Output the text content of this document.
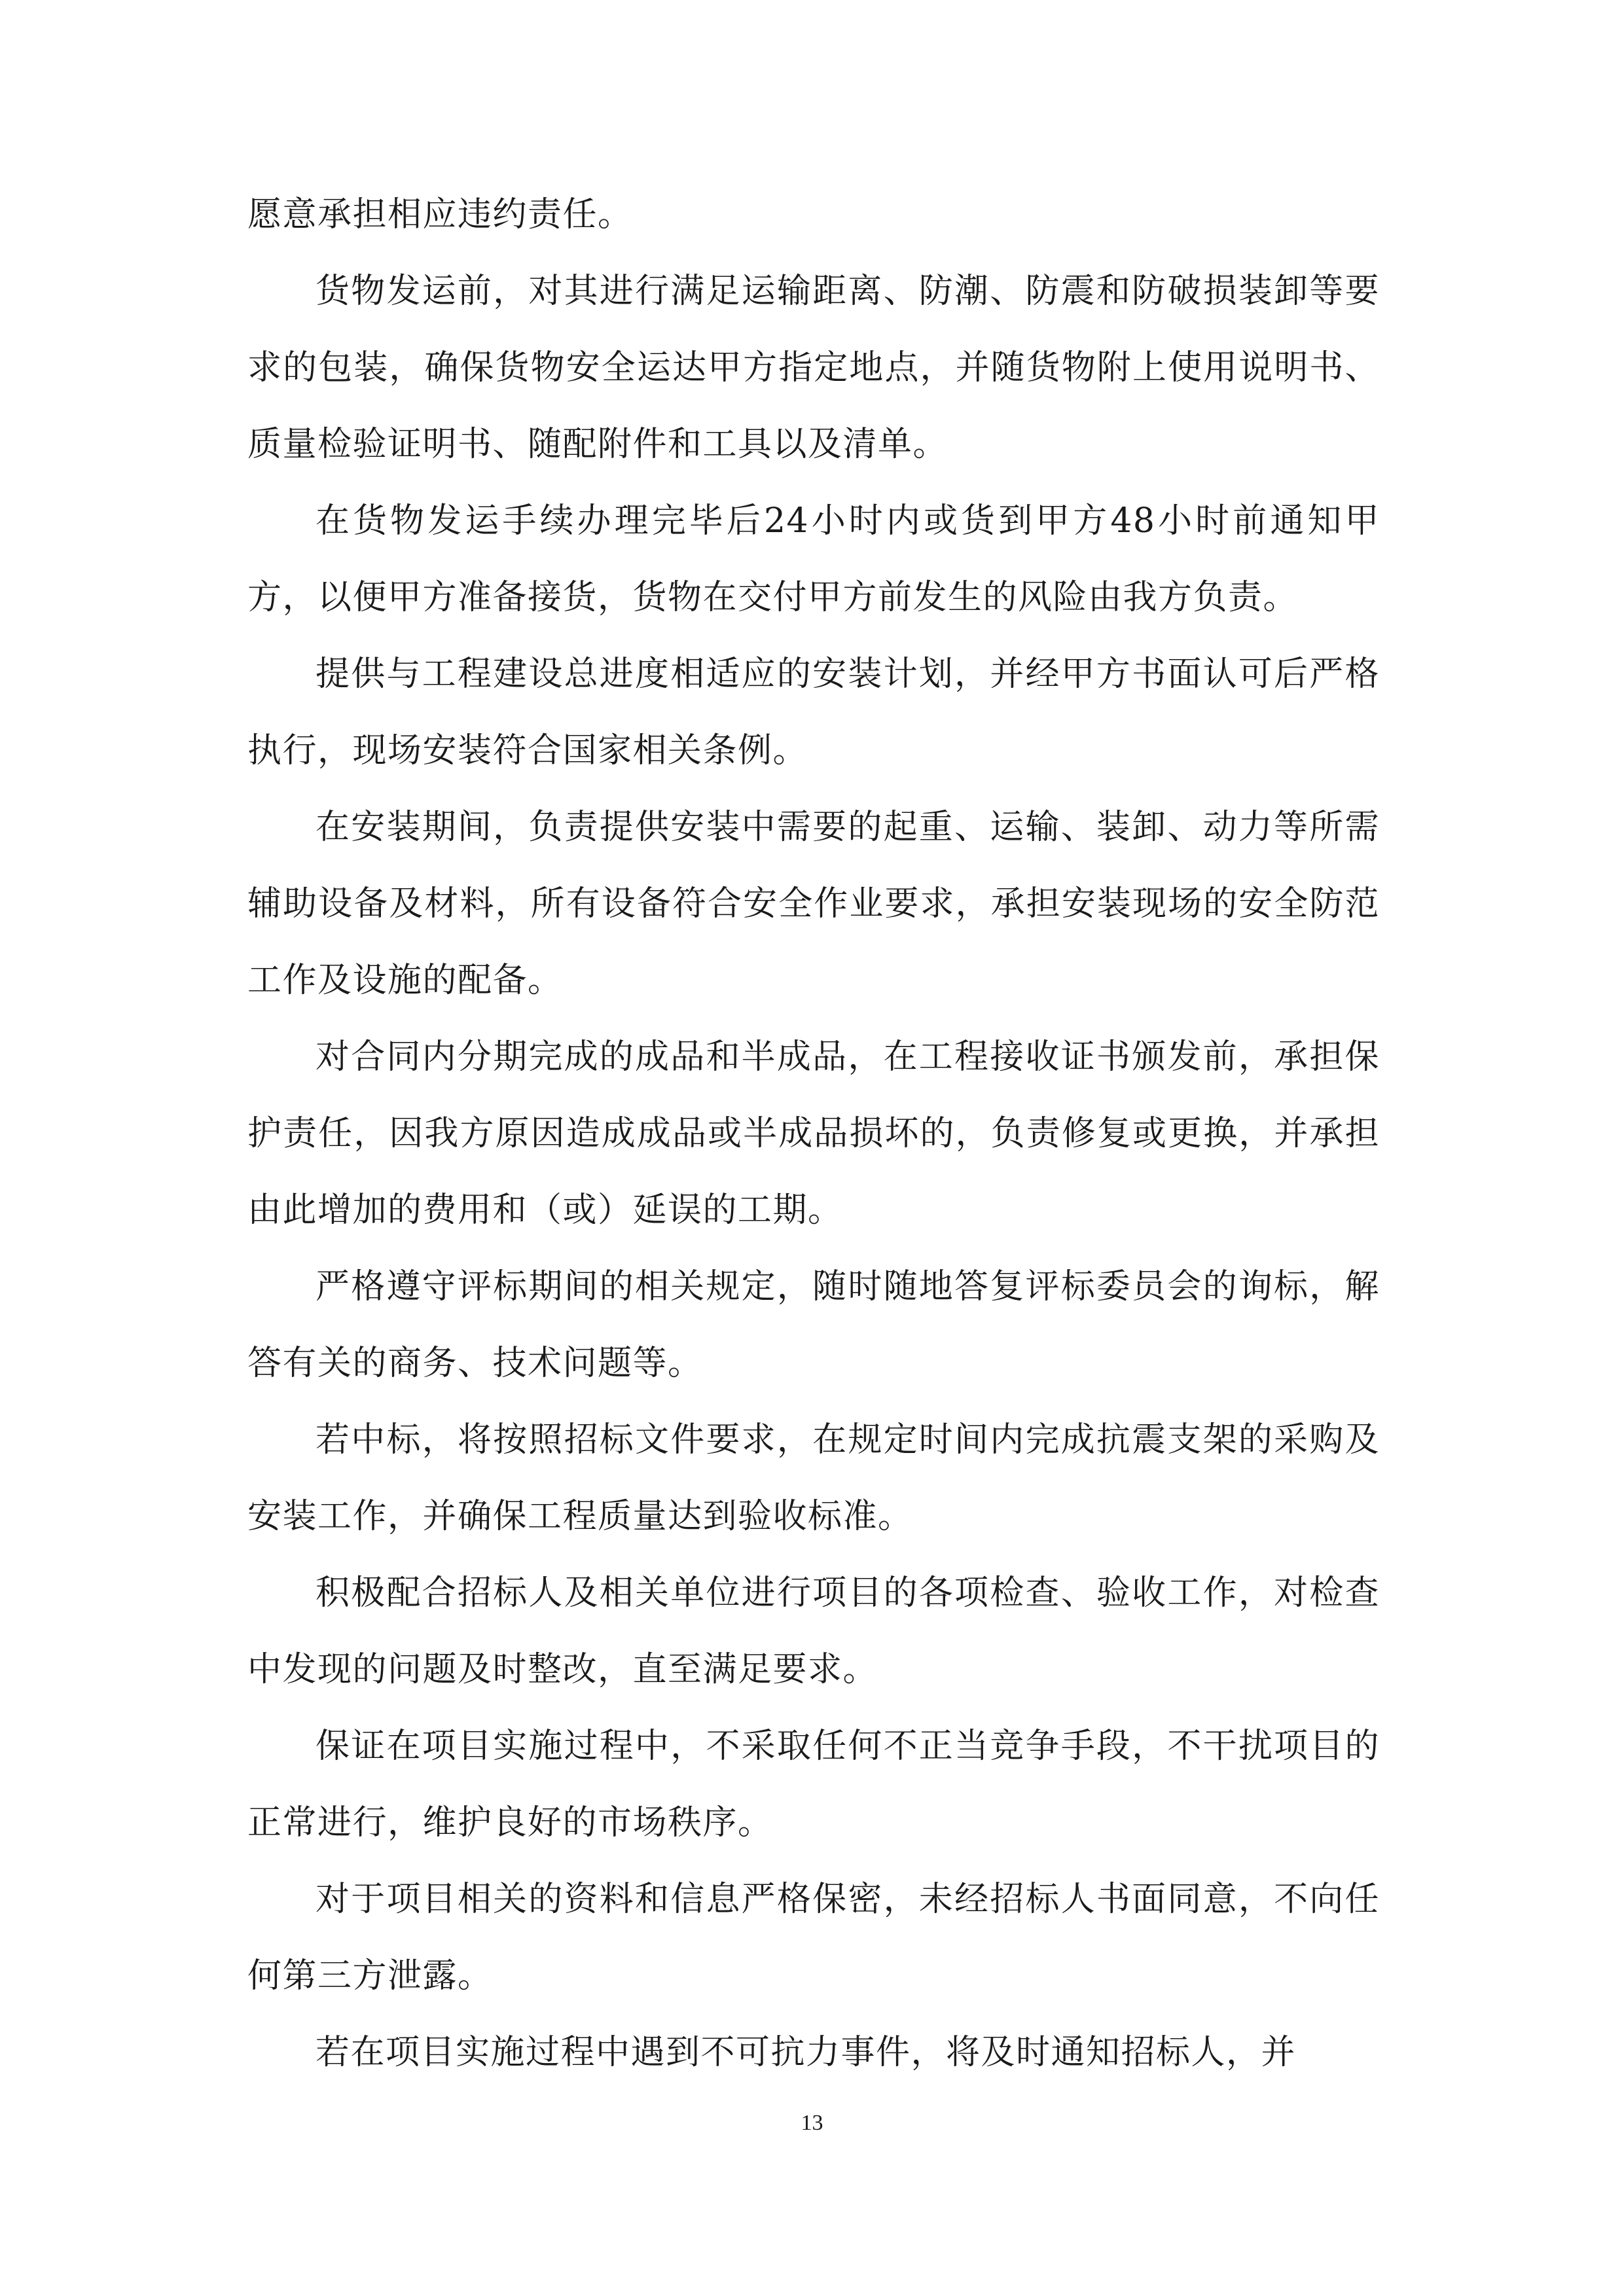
愿意承担相应违约责任。

货物发运前，对其进行满足运输距离、防潮、防震和防破损装卸等要求的包装，确保货物安全运达甲方指定地点，并随货物附上使用说明书、质量检验证明书、随配附件和工具以及清单。

在货物发运手续办理完毕后24小时内或货到甲方48小时前通知甲方，以便甲方准备接货，货物在交付甲方前发生的风险由我方负责。

提供与工程建设总进度相适应的安装计划，并经甲方书面认可后严格执行，现场安装符合国家相关条例。

在安装期间，负责提供安装中需要的起重、运输、装卸、动力等所需辅助设备及材料，所有设备符合安全作业要求，承担安装现场的安全防范工作及设施的配备。

对合同内分期完成的成品和半成品，在工程接收证书颁发前，承担保护责任，因我方原因造成成品或半成品损坏的，负责修复或更换，并承担由此增加的费用和（或）延误的工期。

严格遵守评标期间的相关规定，随时随地答复评标委员会的询标，解答有关的商务、技术问题等。

若中标，将按照招标文件要求，在规定时间内完成抗震支架的采购及安装工作，并确保工程质量达到验收标准。

积极配合招标人及相关单位进行项目的各项检查、验收工作，对检查中发现的问题及时整改，直至满足要求。

保证在项目实施过程中，不采取任何不正当竞争手段，不干扰项目的正常进行，维护良好的市场秩序。

对于项目相关的资料和信息严格保密，未经招标人书面同意，不向任何第三方泄露。

若在项目实施过程中遇到不可抗力事件，将及时通知招标人，并

13
